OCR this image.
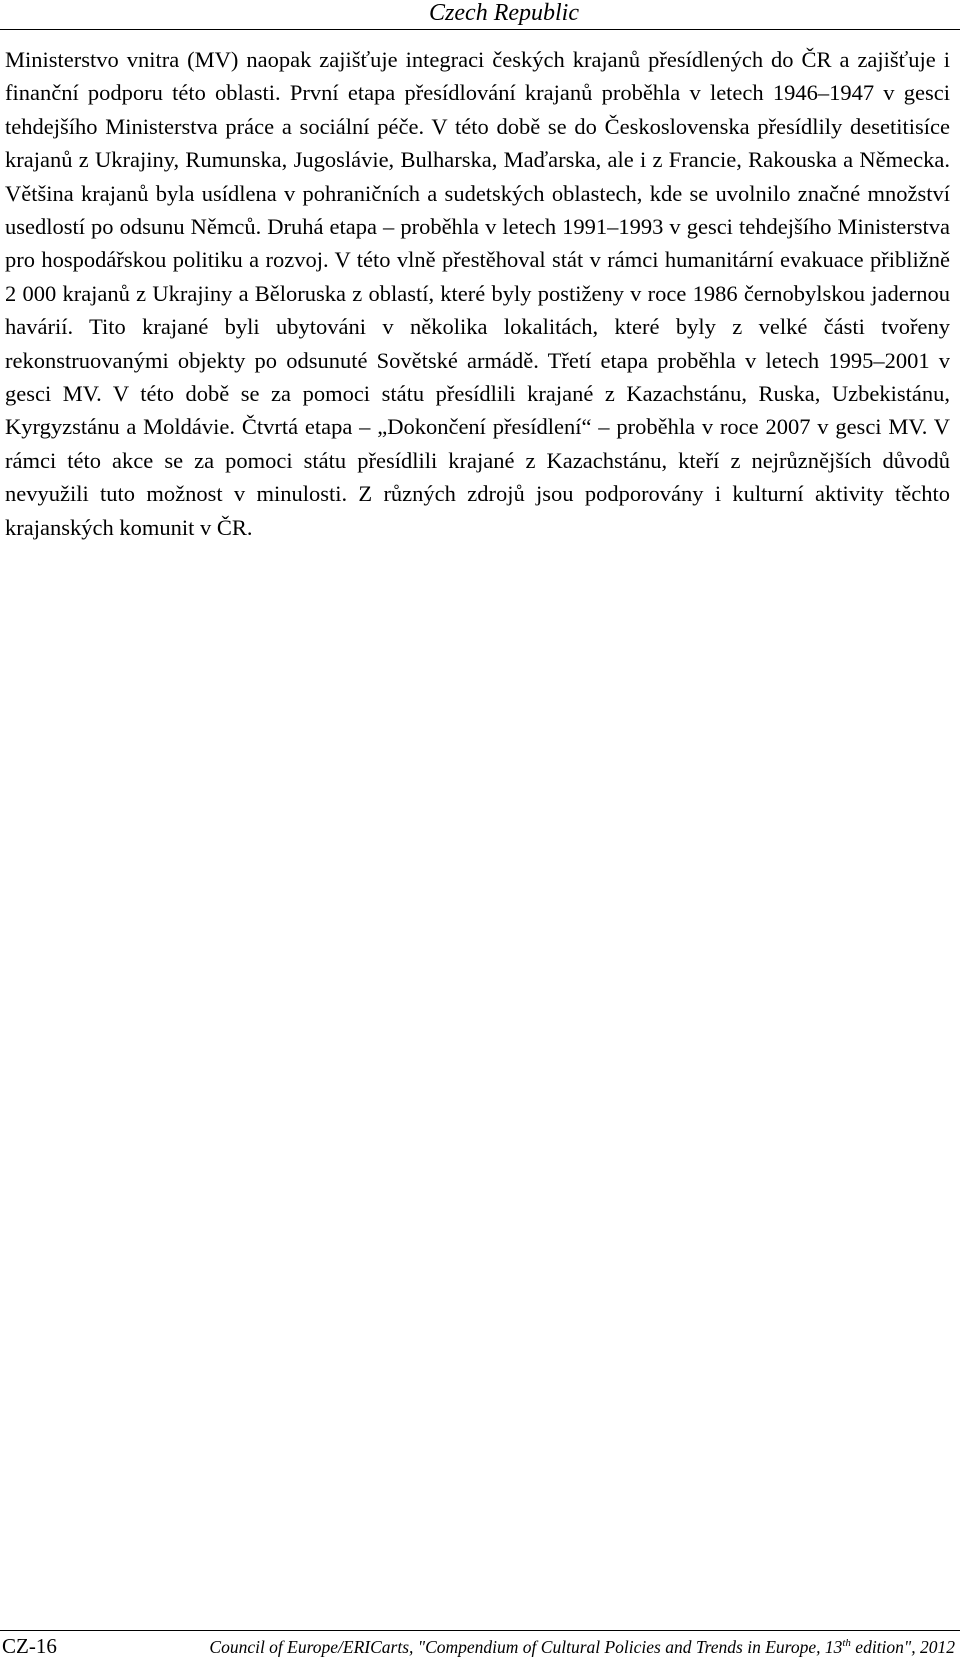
Czech Republic

Ministerstvo vnitra (MV) naopak zajišťuje integraci českých krajanů přesídlených do ČR a zajišťuje i finanční podporu této oblasti. První etapa přesídlování krajanů proběhla v letech 1946–1947 v gesci tehdejšího Ministerstva práce a sociální péče. V této době se do Československa přesídlily desetitisíce krajanů z Ukrajiny, Rumunska, Jugoslávie, Bulharska, Maďarska, ale i z Francie, Rakouska a Německa. Většina krajanů byla usídlena v pohraničních a sudetských oblastech, kde se uvolnilo značné množství usedlostí po odsunu Němců. Druhá etapa – proběhla v letech 1991–1993 v gesci tehdejšího Ministerstva pro hospodářskou politiku a rozvoj. V této vlně přestěhoval stát v rámci humanitární evakuace přibližně 2 000 krajanů z Ukrajiny a Běloruska z oblastí, které byly postiženy v roce 1986 černobylskou jadernou havárií. Tito krajané byli ubytováni v několika lokalitách, které byly z velké části tvořeny rekonstruovanými objekty po odsunuté Sovětské armádě. Třetí etapa proběhla v letech 1995–2001 v gesci MV. V této době se za pomoci státu přesídlili krajané z Kazachstánu, Ruska, Uzbekistánu, Kyrgyzstánu a Moldávie. Čtvrtá etapa – „Dokončení přesídlení“ – proběhla v roce 2007 v gesci MV. V rámci této akce se za pomoci státu přesídlili krajané z Kazachstánu, kteří z nejrůznějších důvodů nevyužili tuto možnost v minulosti. Z různých zdrojů jsou podporovány i kulturní aktivity těchto krajanských komunit v ČR.

CZ-16	Council of Europe/ERICarts, "Compendium of Cultural Policies and Trends in Europe, 13th edition", 2012
